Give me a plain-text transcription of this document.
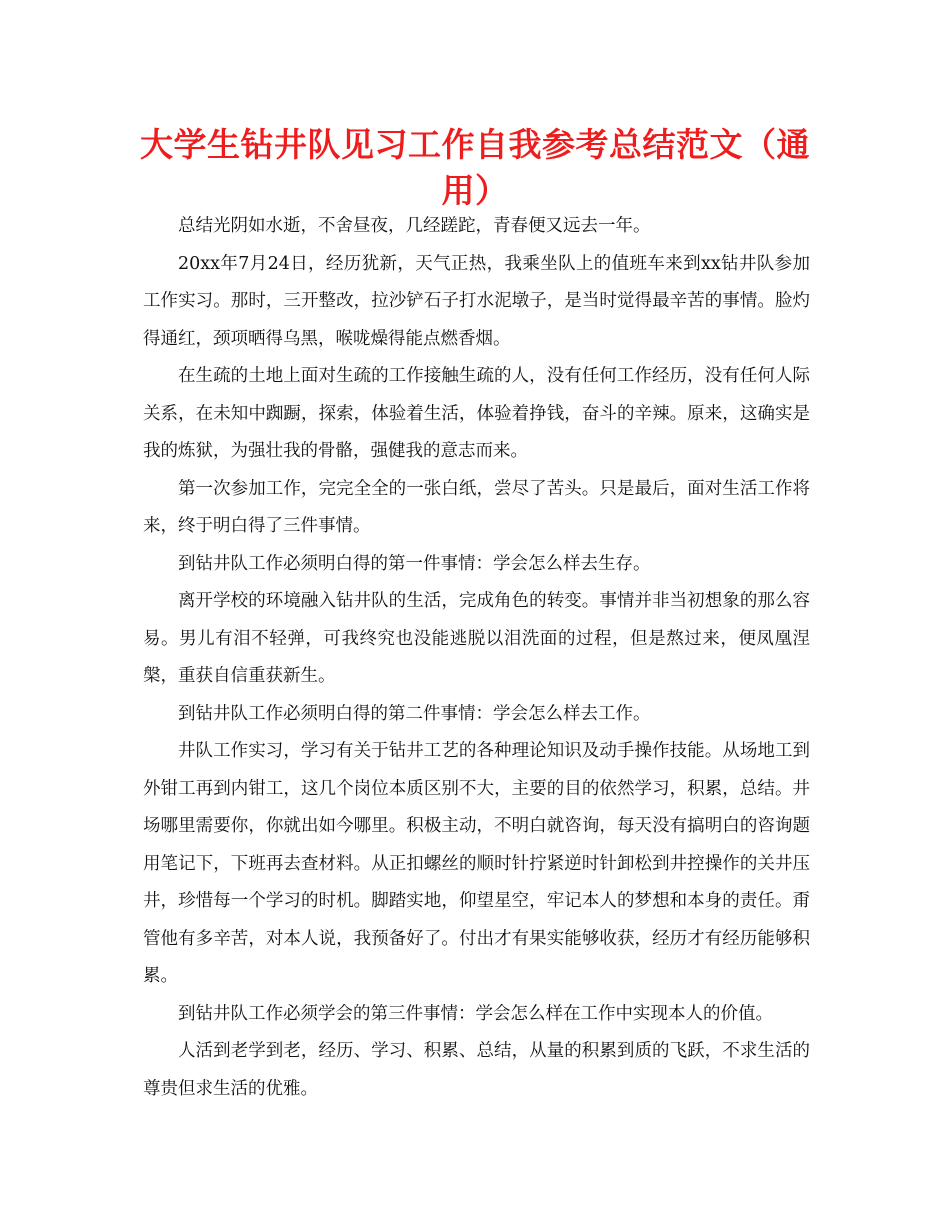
大学生钻井队见习工作自我参考总结范文（通用）

总结光阴如水逝，不舍昼夜，几经蹉跎，青春便又远去一年。

20xx年7月24日，经历犹新，天气正热，我乘坐队上的值班车来到xx钻井队参加工作实习。那时，三开整改，拉沙铲石子打水泥墩子，是当时觉得最辛苦的事情。脸灼得通红，颈项晒得乌黑，喉咙燥得能点燃香烟。

在生疏的土地上面对生疏的工作接触生疏的人，没有任何工作经历，没有任何人际关系，在未知中踟蹰，探索，体验着生活，体验着挣钱，奋斗的辛辣。原来，这确实是我的炼狱，为强壮我的骨骼，强健我的意志而来。

第一次参加工作，完完全全的一张白纸，尝尽了苦头。只是最后，面对生活工作将来，终于明白得了三件事情。

到钻井队工作必须明白得的第一件事情：学会怎么样去生存。

离开学校的环境融入钻井队的生活，完成角色的转变。事情并非当初想象的那么容易。男儿有泪不轻弹，可我终究也没能逃脱以泪洗面的过程，但是熬过来，便凤凰涅槃，重获自信重获新生。

到钻井队工作必须明白得的第二件事情：学会怎么样去工作。

井队工作实习，学习有关于钻井工艺的各种理论知识及动手操作技能。从场地工到外钳工再到内钳工，这几个岗位本质区别不大，主要的目的依然学习，积累，总结。井场哪里需要你，你就出如今哪里。积极主动，不明白就咨询，每天没有搞明白的咨询题用笔记下，下班再去查材料。从正扣螺丝的顺时针拧紧逆时针卸松到井控操作的关井压井，珍惜每一个学习的时机。脚踏实地，仰望星空，牢记本人的梦想和本身的责任。甭管他有多辛苦，对本人说，我预备好了。付出才有果实能够收获，经历才有经历能够积累。

到钻井队工作必须学会的第三件事情：学会怎么样在工作中实现本人的价值。

人活到老学到老，经历、学习、积累、总结，从量的积累到质的飞跃，不求生活的尊贵但求生活的优雅。
